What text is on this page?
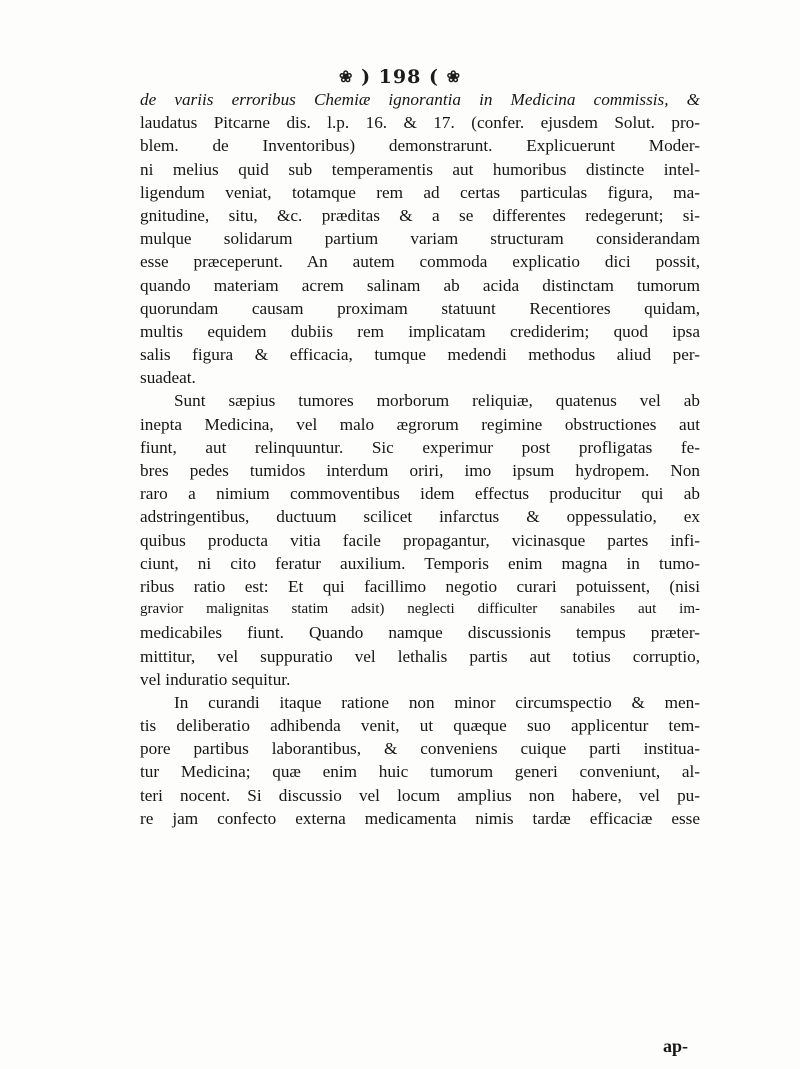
❀ ) 198 ( ❀
de variis erroribus Chemiæ ignorantia in Medicina commissis, &
laudatus Pitcarne dis. l.p. 16. & 17. (confer. ejusdem Solut. pro-
blem. de Inventoribus) demonstrarunt. Explicuerunt Moder-
ni melius quid sub temperamentis aut humoribus distincte intel-
ligendum veniat, totamque rem ad certas particulas figura, ma-
gnitudine, situ, &c. præditas & a se differentes redegerunt; si-
mulque solidarum partium variam structuram considerandam
esse præceperunt. An autem commoda explicatio dici possit,
quando materiam acrem salinam ab acida distinctam tumorum
quorundam causam proximam statuunt Recentiores quidam,
multis equidem dubiis rem implicatam crediderim; quod ipsa
salis figura & efficacia, tumque medendi methodus aliud per-
suadeat.
Sunt sæpius tumores morborum reliquiæ, quatenus vel ab
inepta Medicina, vel malo ægrorum regimine obstructiones aut
fiunt, aut relinquuntur. Sic experimur post profligatas fe-
bres pedes tumidos interdum oriri, imo ipsum hydropem. Non
raro a nimium commoventibus idem effectus producitur qui ab
adstringentibus, ductuum scilicet infarctus & oppessulatio, ex
quibus producta vitia facile propagantur, vicinasque partes infi-
ciunt, ni cito feratur auxilium. Temporis enim magna in tumo-
ribus ratio est: Et qui facillimo negotio curari potuissent, (nisi
gravior malignitas statim adsit) neglecti difficulter sanabiles aut im-
medicabiles fiunt. Quando namque discussionis tempus præter-
mittitur, vel suppuratio vel lethalis partis aut totius corruptio,
vel induratio sequitur.
In curandi itaque ratione non minor circumspectio & men-
tis deliberatio adhibenda venit, ut quæque suo applicentur tem-
pore partibus laborantibus, & conveniens cuique parti institua-
tur Medicina; quæ enim huic tumorum generi conveniunt, al-
teri nocent. Si discussio vel locum amplius non habere, vel pu-
re jam confecto externa medicamenta nimis tardæ efficaciæ esse
ap-
